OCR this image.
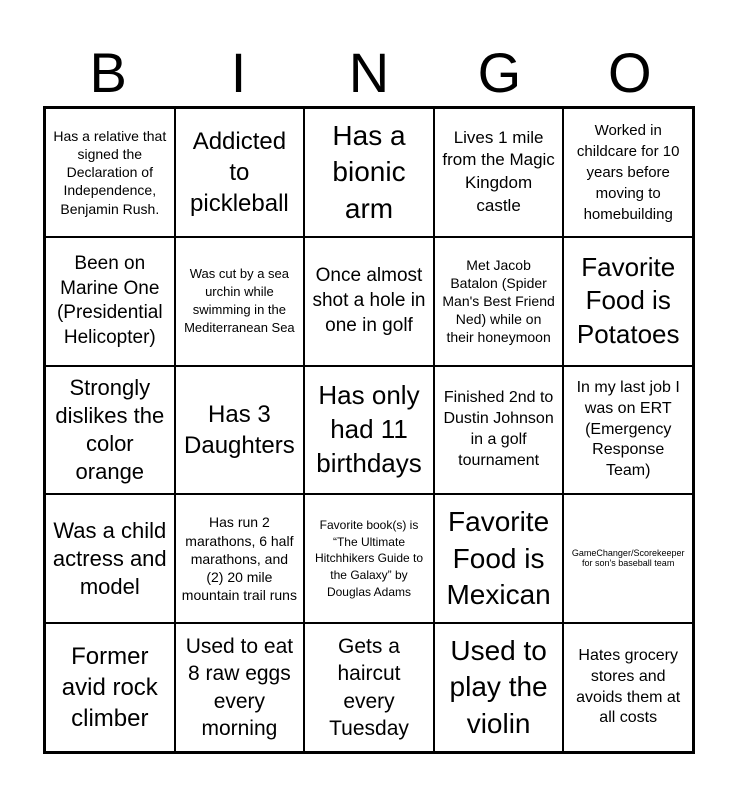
B	I	N	G	O
Has a relative that signed the Declaration of Independence, Benjamin Rush.
Addicted to pickleball
Has a bionic arm
Lives 1 mile from the Magic Kingdom castle
Worked in childcare for 10 years before moving to homebuilding
Been on Marine One (Presidential Helicopter)
Was cut by a sea urchin while swimming in the Mediterranean Sea
Once almost shot a hole in one in golf
Met Jacob Batalon (Spider Man's Best Friend Ned) while on their honeymoon
Favorite Food is Potatoes
Strongly dislikes the color orange
Has 3 Daughters
Has only had 11 birthdays
Finished 2nd to Dustin Johnson in a golf tournament
In my last job I was on ERT (Emergency Response Team)
Was a child actress and model
Has run 2 marathons, 6 half marathons, and (2) 20 mile mountain trail runs
Favorite book(s) is “The Ultimate Hitchhikers Guide to the Galaxy” by Douglas Adams
Favorite Food is Mexican
GameChanger/Scorekeeper for son's baseball team
Former avid rock climber
Used to eat 8 raw eggs every morning
Gets a haircut every Tuesday
Used to play the violin
Hates grocery stores and avoids them at all costs
